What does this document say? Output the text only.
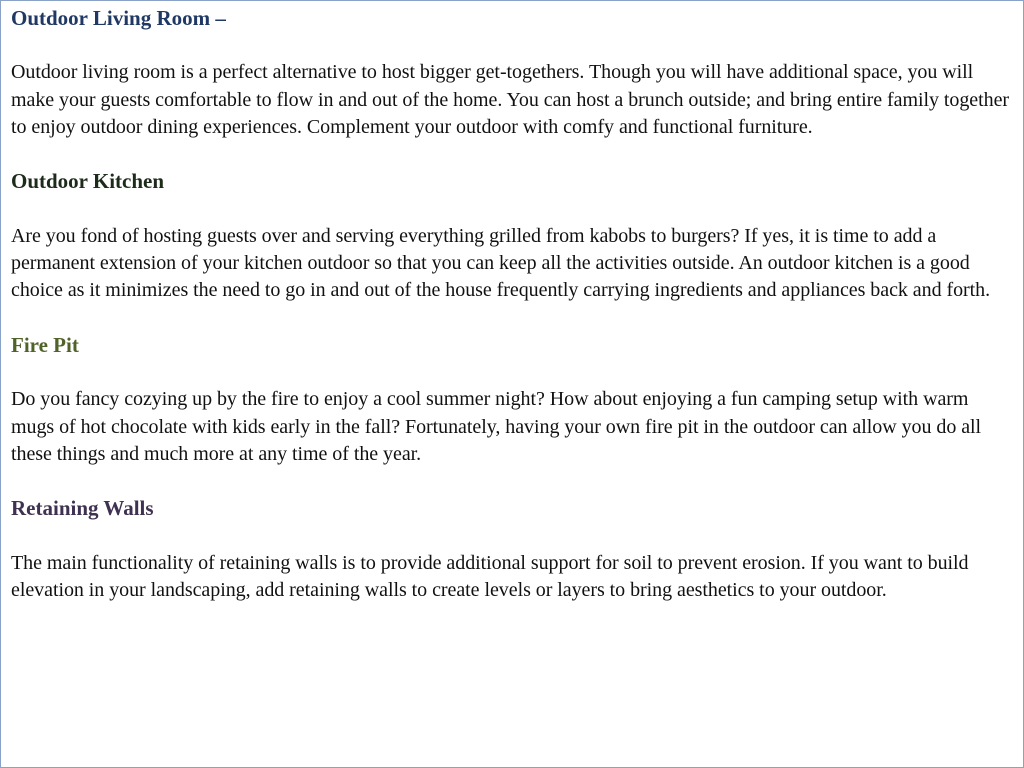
Outdoor Living Room –

Outdoor living room is a perfect alternative to host bigger get-togethers. Though you will have additional space, you will make your guests comfortable to flow in and out of the home. You can host a brunch outside; and bring entire family together to enjoy outdoor dining experiences. Complement your outdoor with comfy and functional furniture.

Outdoor Kitchen

Are you fond of hosting guests over and serving everything grilled from kabobs to burgers? If yes, it is time to add a permanent extension of your kitchen outdoor so that you can keep all the activities outside. An outdoor kitchen is a good choice as it minimizes the need to go in and out of the house frequently carrying ingredients and appliances back and forth.

Fire Pit

Do you fancy cozying up by the fire to enjoy a cool summer night? How about enjoying a fun camping setup with warm mugs of hot chocolate with kids early in the fall? Fortunately, having your own fire pit in the outdoor can allow you do all these things and much more at any time of the year.

Retaining Walls

The main functionality of retaining walls is to provide additional support for soil to prevent erosion. If you want to build elevation in your landscaping, add retaining walls to create levels or layers to bring aesthetics to your outdoor.
